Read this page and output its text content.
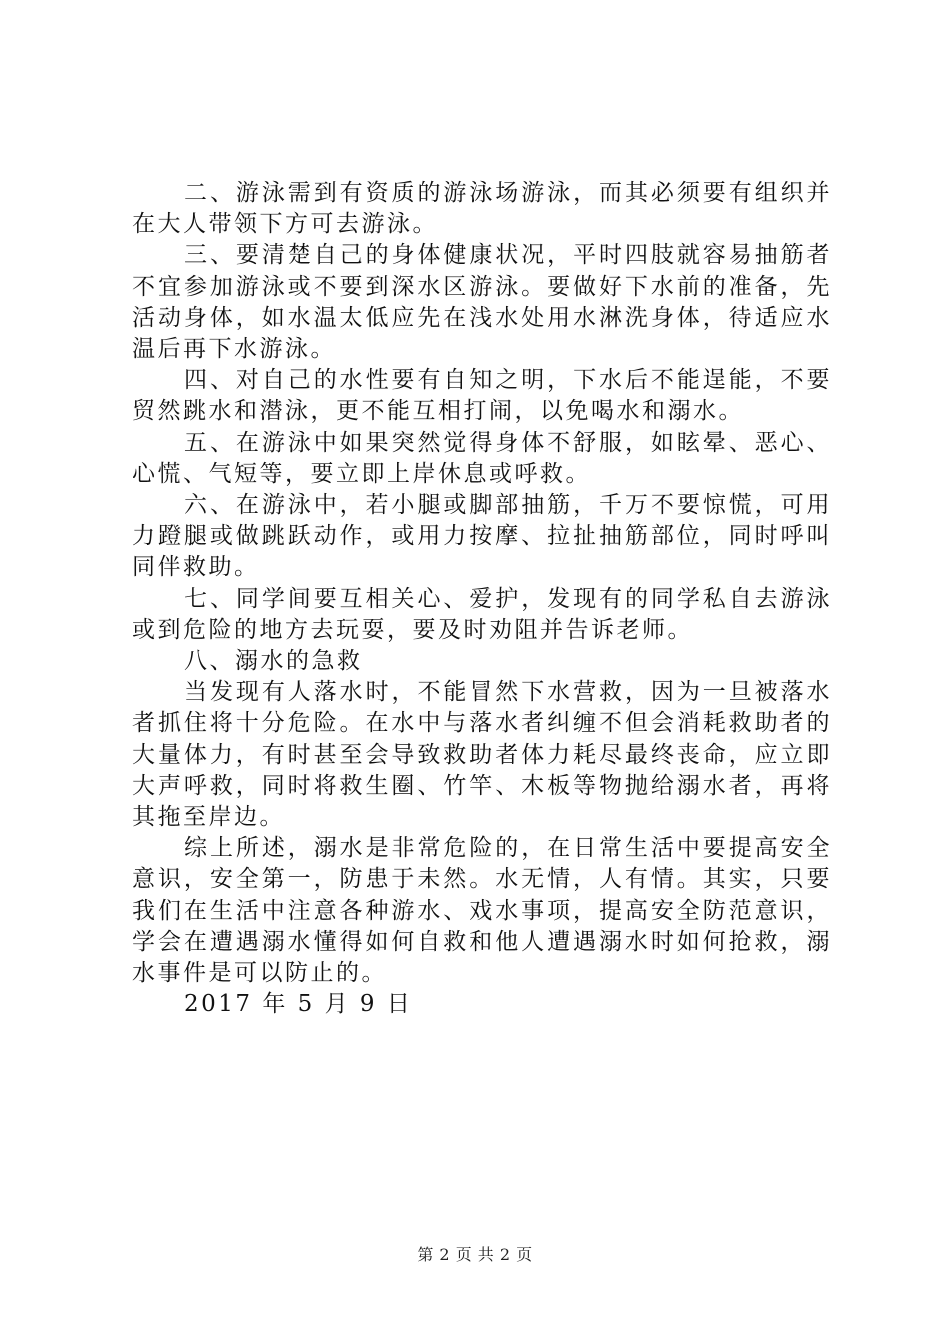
二、游泳需到有资质的游泳场游泳，而其必须要有组织并在大人带领下方可去游泳。

三、要清楚自己的身体健康状况，平时四肢就容易抽筋者不宜参加游泳或不要到深水区游泳。要做好下水前的准备，先活动身体，如水温太低应先在浅水处用水淋洗身体，待适应水温后再下水游泳。

四、对自己的水性要有自知之明，下水后不能逞能，不要贸然跳水和潜泳，更不能互相打闹，以免喝水和溺水。

五、在游泳中如果突然觉得身体不舒服，如眩晕、恶心、心慌、气短等，要立即上岸休息或呼救。

六、在游泳中，若小腿或脚部抽筋，千万不要惊慌，可用力蹬腿或做跳跃动作，或用力按摩、拉扯抽筋部位，同时呼叫同伴救助。

七、同学间要互相关心、爱护，发现有的同学私自去游泳或到危险的地方去玩耍，要及时劝阻并告诉老师。

八、溺水的急救

当发现有人落水时，不能冒然下水营救，因为一旦被落水者抓住将十分危险。在水中与落水者纠缠不但会消耗救助者的大量体力，有时甚至会导致救助者体力耗尽最终丧命，应立即大声呼救，同时将救生圈、竹竿、木板等物抛给溺水者，再将其拖至岸边。

综上所述，溺水是非常危险的，在日常生活中要提高安全意识，安全第一，防患于未然。水无情，人有情。其实，只要我们在生活中注意各种游水、戏水事项，提高安全防范意识，学会在遭遇溺水懂得如何自救和他人遭遇溺水时如何抢救，溺水事件是可以防止的。

2017 年 5 月 9 日

第 2 页 共 2 页
